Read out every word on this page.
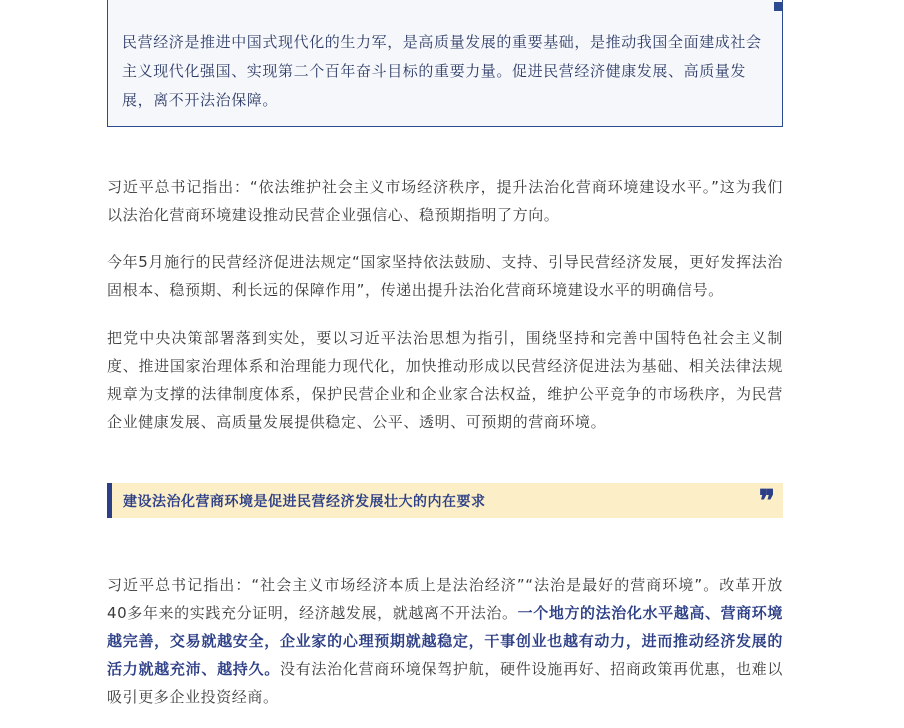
民营经济是推进中国式现代化的生力军，是高质量发展的重要基础，是推动我国全面建成社会主义现代化强国、实现第二个百年奋斗目标的重要力量。促进民营经济健康发展、高质量发展，离不开法治保障。

习近平总书记指出：“依法维护社会主义市场经济秩序，提升法治化营商环境建设水平。”这为我们以法治化营商环境建设推动民营企业强信心、稳预期指明了方向。

今年5月施行的民营经济促进法规定“国家坚持依法鼓励、支持、引导民营经济发展，更好发挥法治固根本、稳预期、利长远的保障作用”，传递出提升法治化营商环境建设水平的明确信号。

把党中央决策部署落到实处，要以习近平法治思想为指引，围绕坚持和完善中国特色社会主义制度、推进国家治理体系和治理能力现代化，加快推动形成以民营经济促进法为基础、相关法律法规规章为支撑的法律制度体系，保护民营企业和企业家合法权益，维护公平竞争的市场秩序，为民营企业健康发展、高质量发展提供稳定、公平、透明、可预期的营商环境。

建设法治化营商环境是促进民营经济发展壮大的内在要求	❞

习近平总书记指出：“社会主义市场经济本质上是法治经济”“法治是最好的营商环境”。改革开放40多年来的实践充分证明，经济越发展，就越离不开法治。一个地方的法治化水平越高、营商环境越完善，交易就越安全，企业家的心理预期就越稳定，干事创业也越有动力，进而推动经济发展的活力就越充沛、越持久。没有法治化营商环境保驾护航，硬件设施再好、招商政策再优惠，也难以吸引更多企业投资经商。
